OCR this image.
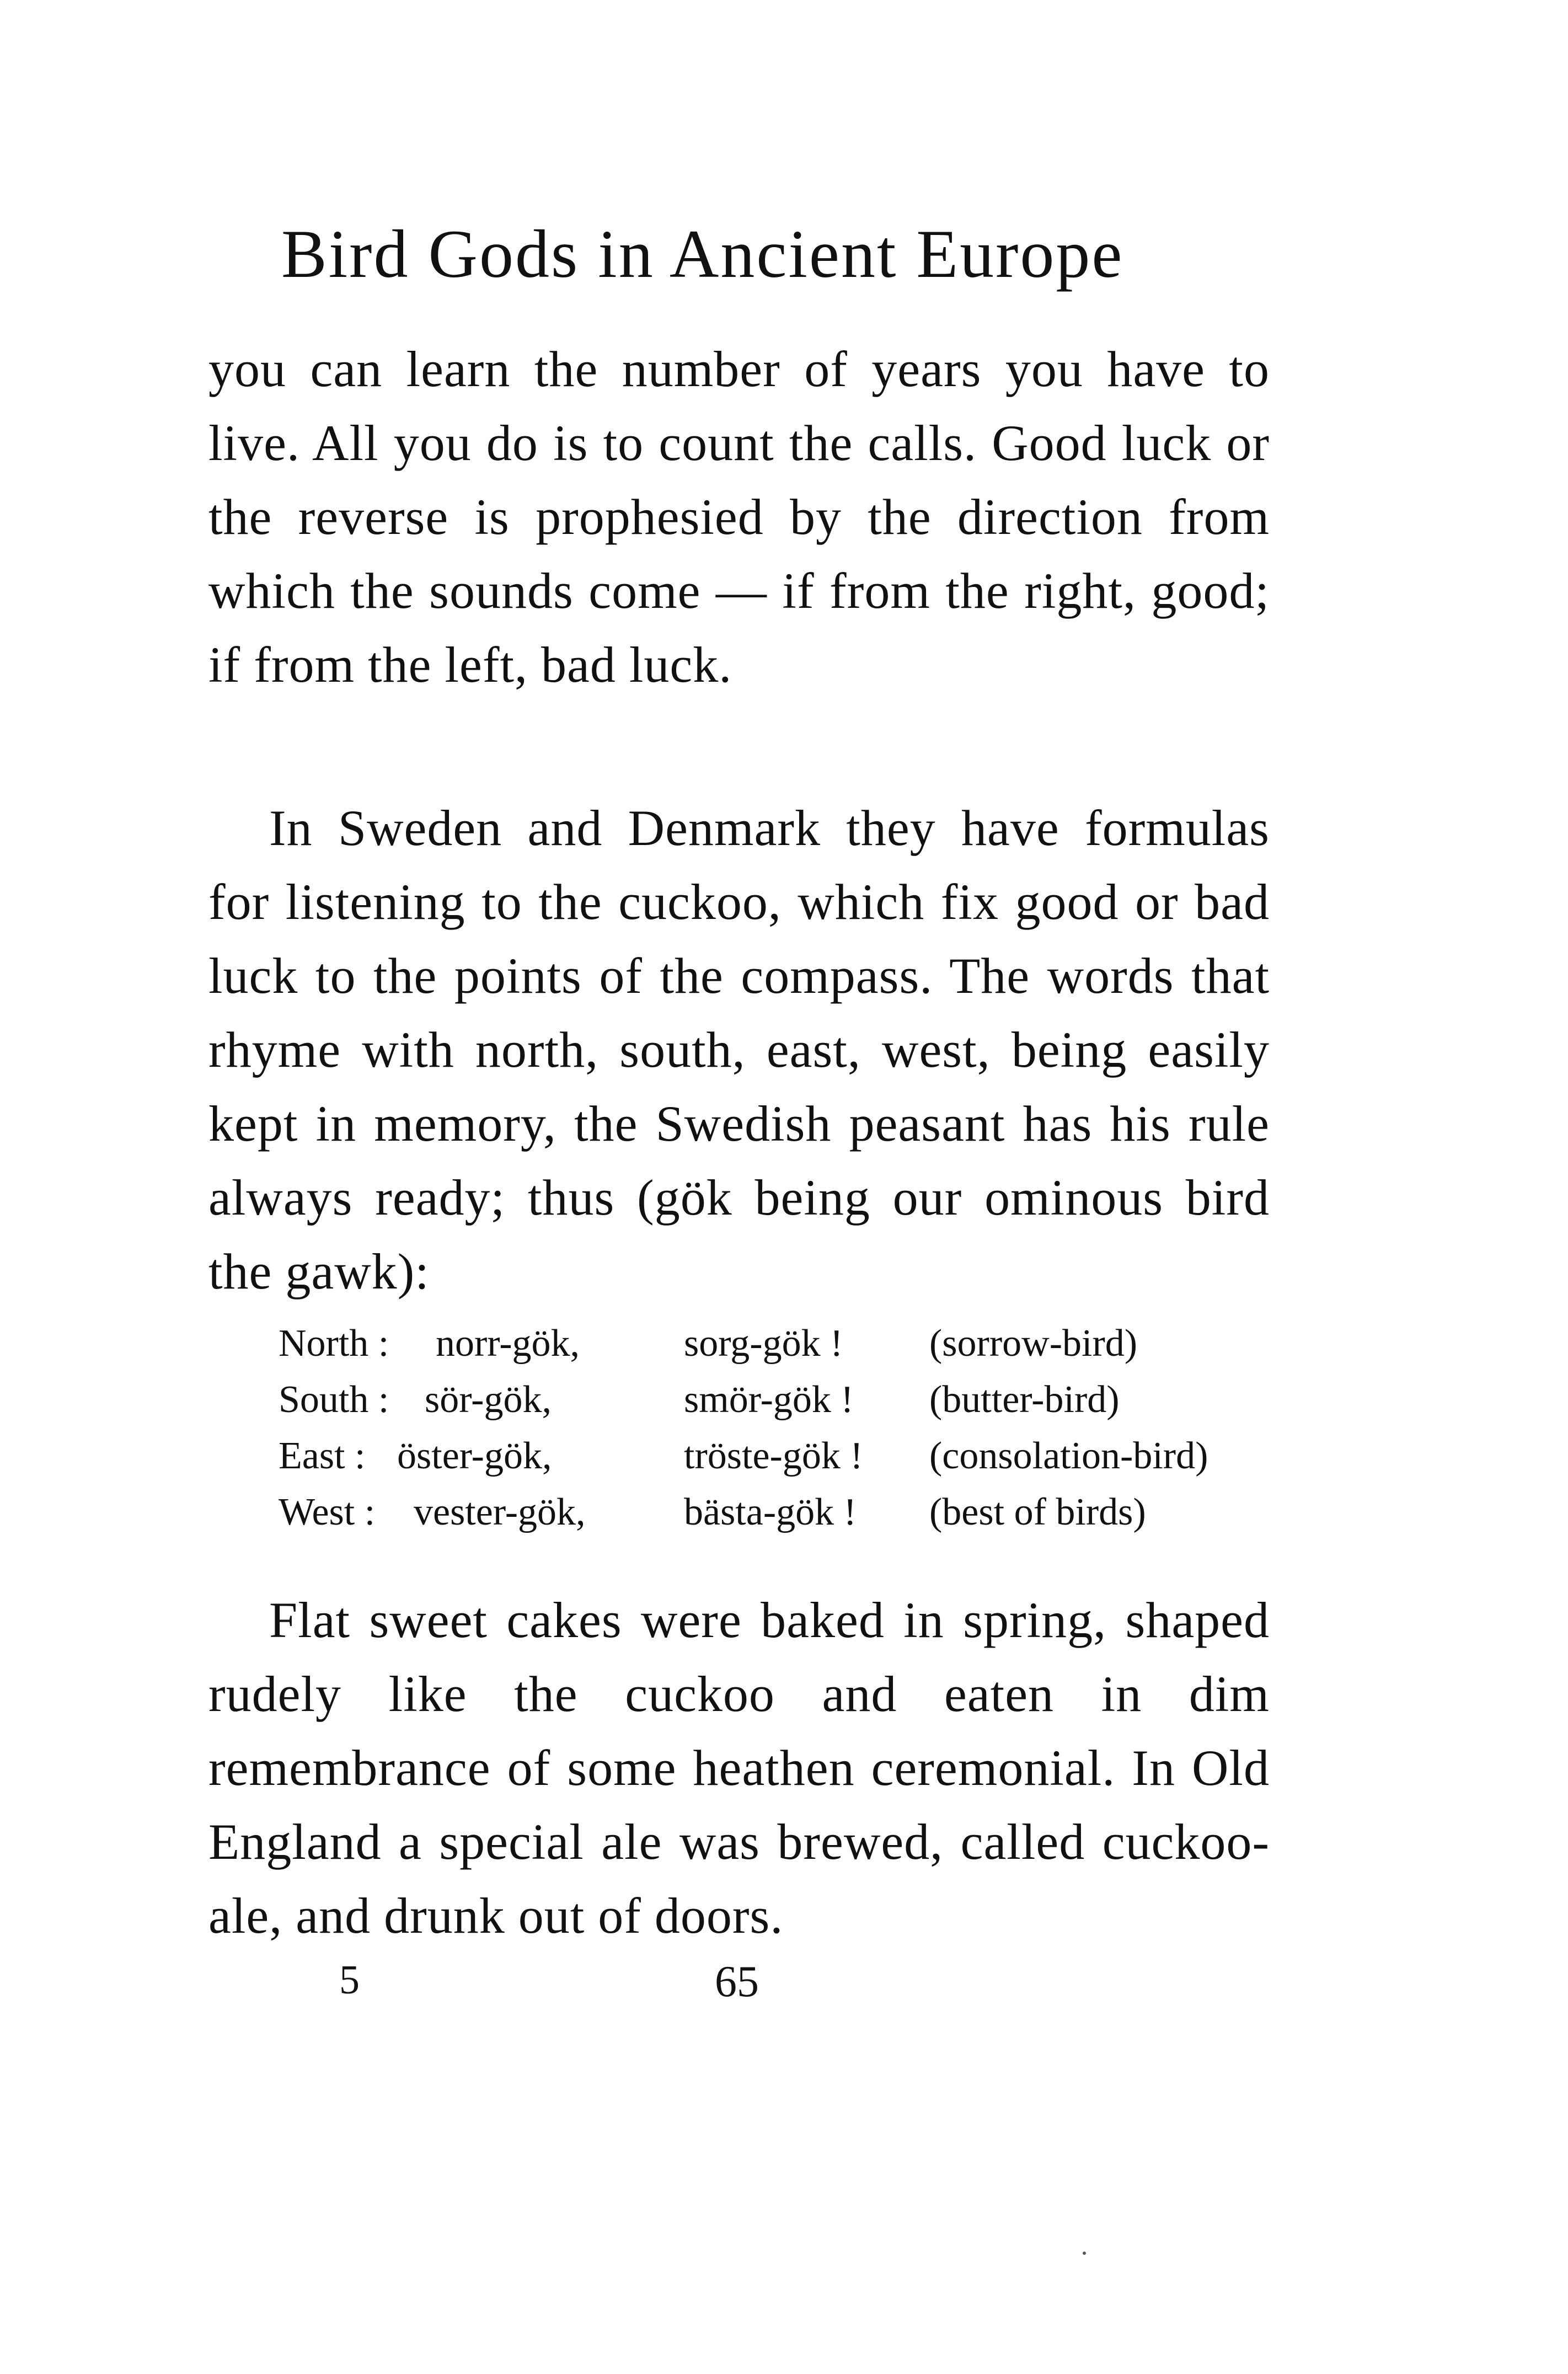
Bird Gods in Ancient Europe
you can learn the number of years you have to live. All you do is to count the calls. Good luck or the reverse is prophesied by the direction from which the sounds come — if from the right, good; if from the left, bad luck.
In Sweden and Denmark they have formulas for listening to the cuckoo, which fix good or bad luck to the points of the compass. The words that rhyme with north, south, east, west, being easily kept in memory, the Swedish peasant has his rule always ready; thus (gök being our ominous bird the gawk):
North : norr-gök,	sorg-gök ! (sorrow-bird)
South : sör-gök,	smör-gök ! (butter-bird)
East : öster-gök,	tröste-gök ! (consolation-bird)
West : vester-gök,	bästa-gök ! (best of birds)
Flat sweet cakes were baked in spring, shaped rudely like the cuckoo and eaten in dim remembrance of some heathen ceremonial. In Old England a special ale was brewed, called cuckoo-ale, and drunk out of doors.
5	65
